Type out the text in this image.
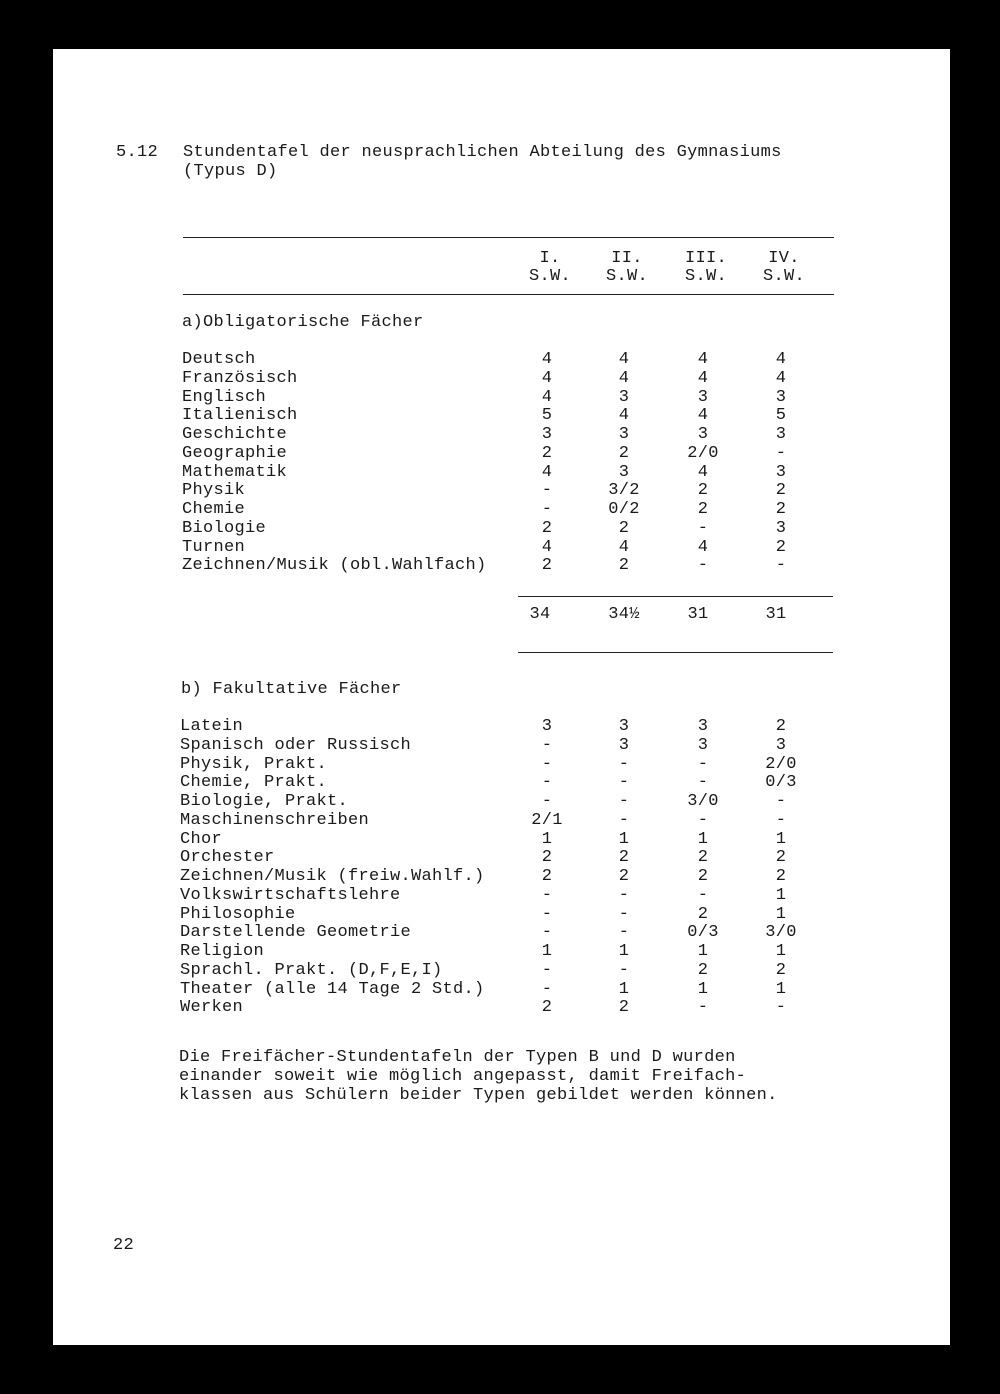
5.12 Stundentafel der neusprachlichen Abteilung des Gymnasiums
(Typus D)
I.	II.	III.	IV.
S.W.	S.W.	S.W.	S.W.
a)Obligatorische Fächer
Deutsch	4	4	4	4
Französisch	4	4	4	4
Englisch	4	3	3	3
Italienisch	5	4	4	5
Geschichte	3	3	3	3
Geographie	2	2	2/0	-
Mathematik	4	3	4	3
Physik	-	3/2	2	2
Chemie	-	0/2	2	2
Biologie	2	2	-	3
Turnen	4	4	4	2
Zeichnen/Musik (obl.Wahlfach)	2	2	-	-
34	34½	31	31
b) Fakultative Fächer
Latein	3	3	3	2
Spanisch oder Russisch	-	3	3	3
Physik, Prakt.	-	-	-	2/0
Chemie, Prakt.	-	-	-	0/3
Biologie, Prakt.	-	-	3/0	-
Maschinenschreiben	2/1	-	-	-
Chor	1	1	1	1
Orchester	2	2	2	2
Zeichnen/Musik (freiw.Wahlf.)	2	2	2	2
Volkswirtschaftslehre	-	-	-	1
Philosophie	-	-	2	1
Darstellende Geometrie	-	-	0/3	3/0
Religion	1	1	1	1
Sprachl. Prakt. (D,F,E,I)	-	-	2	2
Theater (alle 14 Tage 2 Std.)	-	1	1	1
Werken	2	2	-	-
Die Freifächer-Stundentafeln der Typen B und D wurden
einander soweit wie möglich angepasst, damit Freifach-
klassen aus Schülern beider Typen gebildet werden können.
22
